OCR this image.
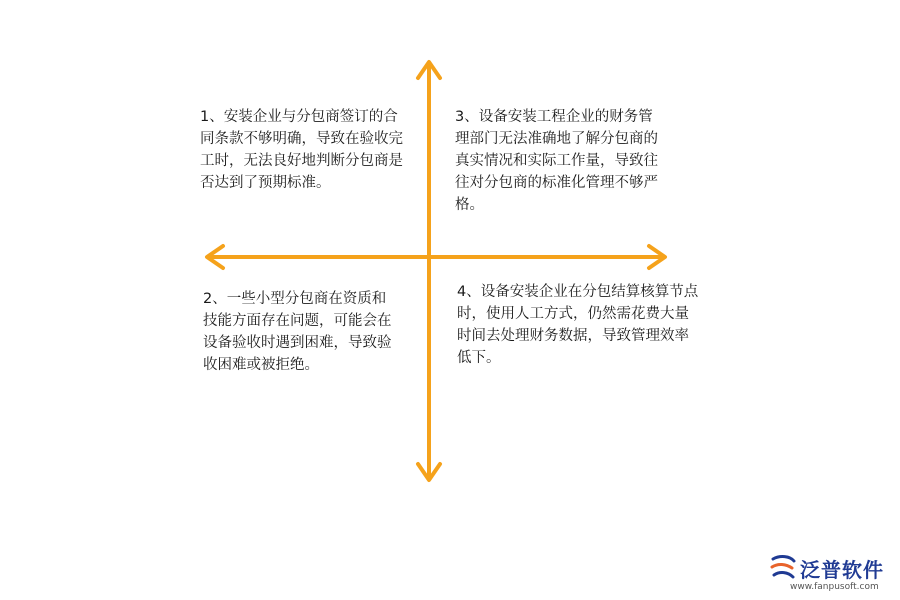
1、安装企业与分包商签订的合同条款不够明确，导致在验收完工时，无法良好地判断分包商是否达到了预期标准。

3、设备安装工程企业的财务管理部门无法准确地了解分包商的真实情况和实际工作量，导致往往对分包商的标准化管理不够严格。

2、一些小型分包商在资质和技能方面存在问题，可能会在设备验收时遇到困难，导致验收困难或被拒绝。

4、设备安装企业在分包结算核算节点时，使用人工方式，仍然需花费大量时间去处理财务数据，导致管理效率低下。

泛普软件
www.fanpusoft.com
